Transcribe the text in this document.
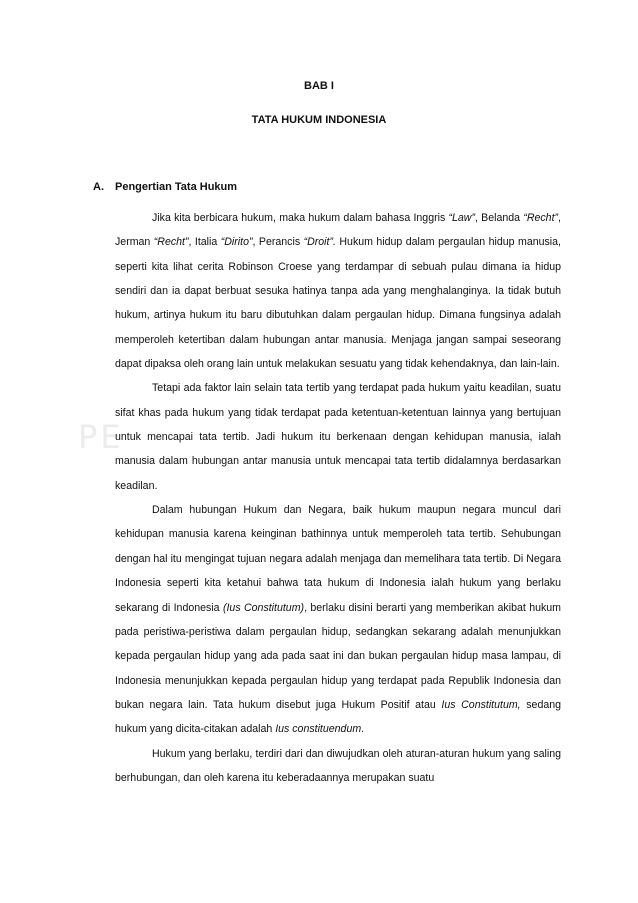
PE
BAB I
TATA HUKUM INDONESIA
A. Pengertian Tata Hukum

Jika kita berbicara hukum, maka hukum dalam bahasa Inggris “Law”, Belanda “Recht”, Jerman “Recht”, Italia “Dirito”, Perancis “Droit”. Hukum hidup dalam pergaulan hidup manusia, seperti kita lihat cerita Robinson Croese yang terdampar di sebuah pulau dimana ia hidup sendiri dan ia dapat berbuat sesuka hatinya tanpa ada yang menghalanginya. Ia tidak butuh hukum, artinya hukum itu baru dibutuhkan dalam pergaulan hidup. Dimana fungsinya adalah memperoleh ketertiban dalam hubungan antar manusia. Menjaga jangan sampai seseorang dapat dipaksa oleh orang lain untuk melakukan sesuatu yang tidak kehendaknya, dan lain-lain.

Tetapi ada faktor lain selain tata tertib yang terdapat pada hukum yaitu keadilan, suatu sifat khas pada hukum yang tidak terdapat pada ketentuan-ketentuan lainnya yang bertujuan untuk mencapai tata tertib. Jadi hukum itu berkenaan dengan kehidupan manusia, ialah manusia dalam hubungan antar manusia untuk mencapai tata tertib didalamnya berdasarkan keadilan.

Dalam hubungan Hukum dan Negara, baik hukum maupun negara muncul dari kehidupan manusia karena keinginan bathinnya untuk memperoleh tata tertib. Sehubungan dengan hal itu mengingat tujuan negara adalah menjaga dan memelihara tata tertib. Di Negara Indonesia seperti kita ketahui bahwa tata hukum di Indonesia ialah hukum yang berlaku sekarang di Indonesia (Ius Constitutum), berlaku disini berarti yang memberikan akibat hukum pada peristiwa-peristiwa dalam pergaulan hidup, sedangkan sekarang adalah menunjukkan kepada pergaulan hidup yang ada pada saat ini dan bukan pergaulan hidup masa lampau, di Indonesia menunjukkan kepada pergaulan hidup yang terdapat pada Republik Indonesia dan bukan negara lain. Tata hukum disebut juga Hukum Positif atau Ius Constitutum, sedang hukum yang dicita-citakan adalah Ius constituendum.

Hukum yang berlaku, terdiri dari dan diwujudkan oleh aturan-aturan hukum yang saling berhubungan, dan oleh karena itu keberadaannya merupakan suatu
